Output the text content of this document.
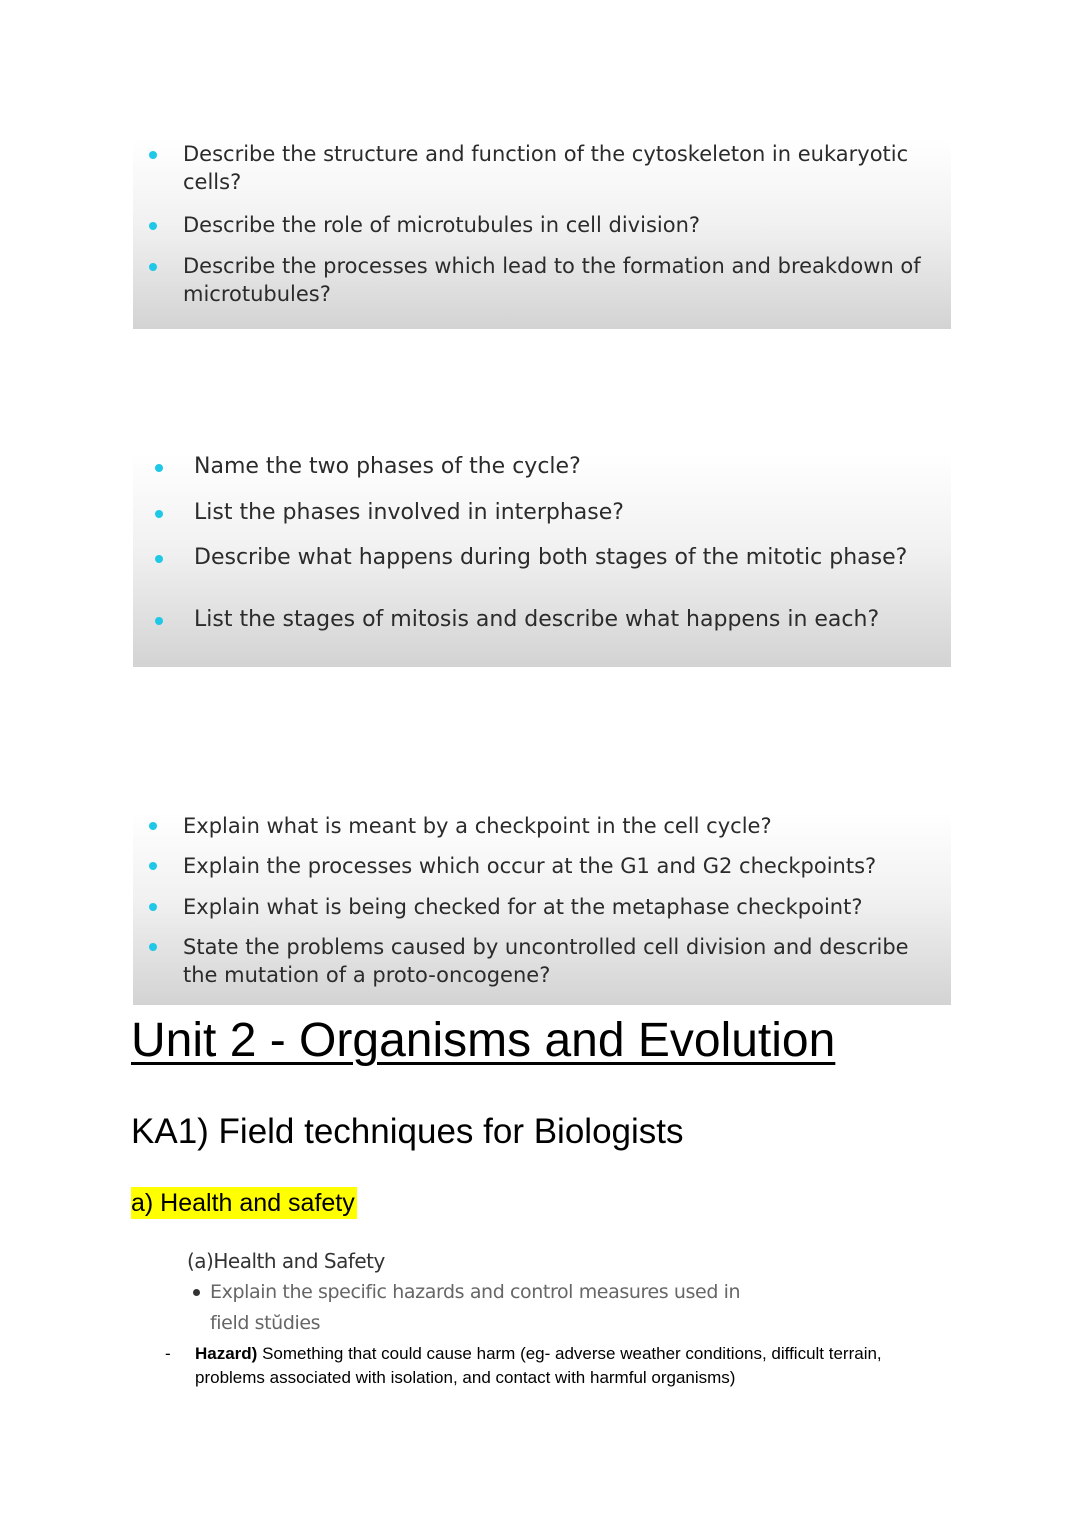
Describe the structure and function of the cytoskeleton in eukaryotic cells?
Describe the role of microtubules in cell division?
Describe the processes which lead to the formation and breakdown of microtubules?
Name the two phases of the cycle?
List the phases involved in interphase?
Describe what happens during both stages of the mitotic phase?
List the stages of mitosis and describe what happens in each?
Explain what is meant by a checkpoint in the cell cycle?
Explain the processes which occur at the G1 and G2 checkpoints?
Explain what is being checked for at the metaphase checkpoint?
State the problems caused by uncontrolled cell division and describe the mutation of a proto-oncogene?
Unit 2 - Organisms and Evolution
KA1) Field techniques for Biologists
a) Health and safety
(a)Health and Safety
Explain the specific hazards and control measures used in field stŭdies
- Hazard) Something that could cause harm (eg- adverse weather conditions, difficult terrain, problems associated with isolation, and contact with harmful organisms)
